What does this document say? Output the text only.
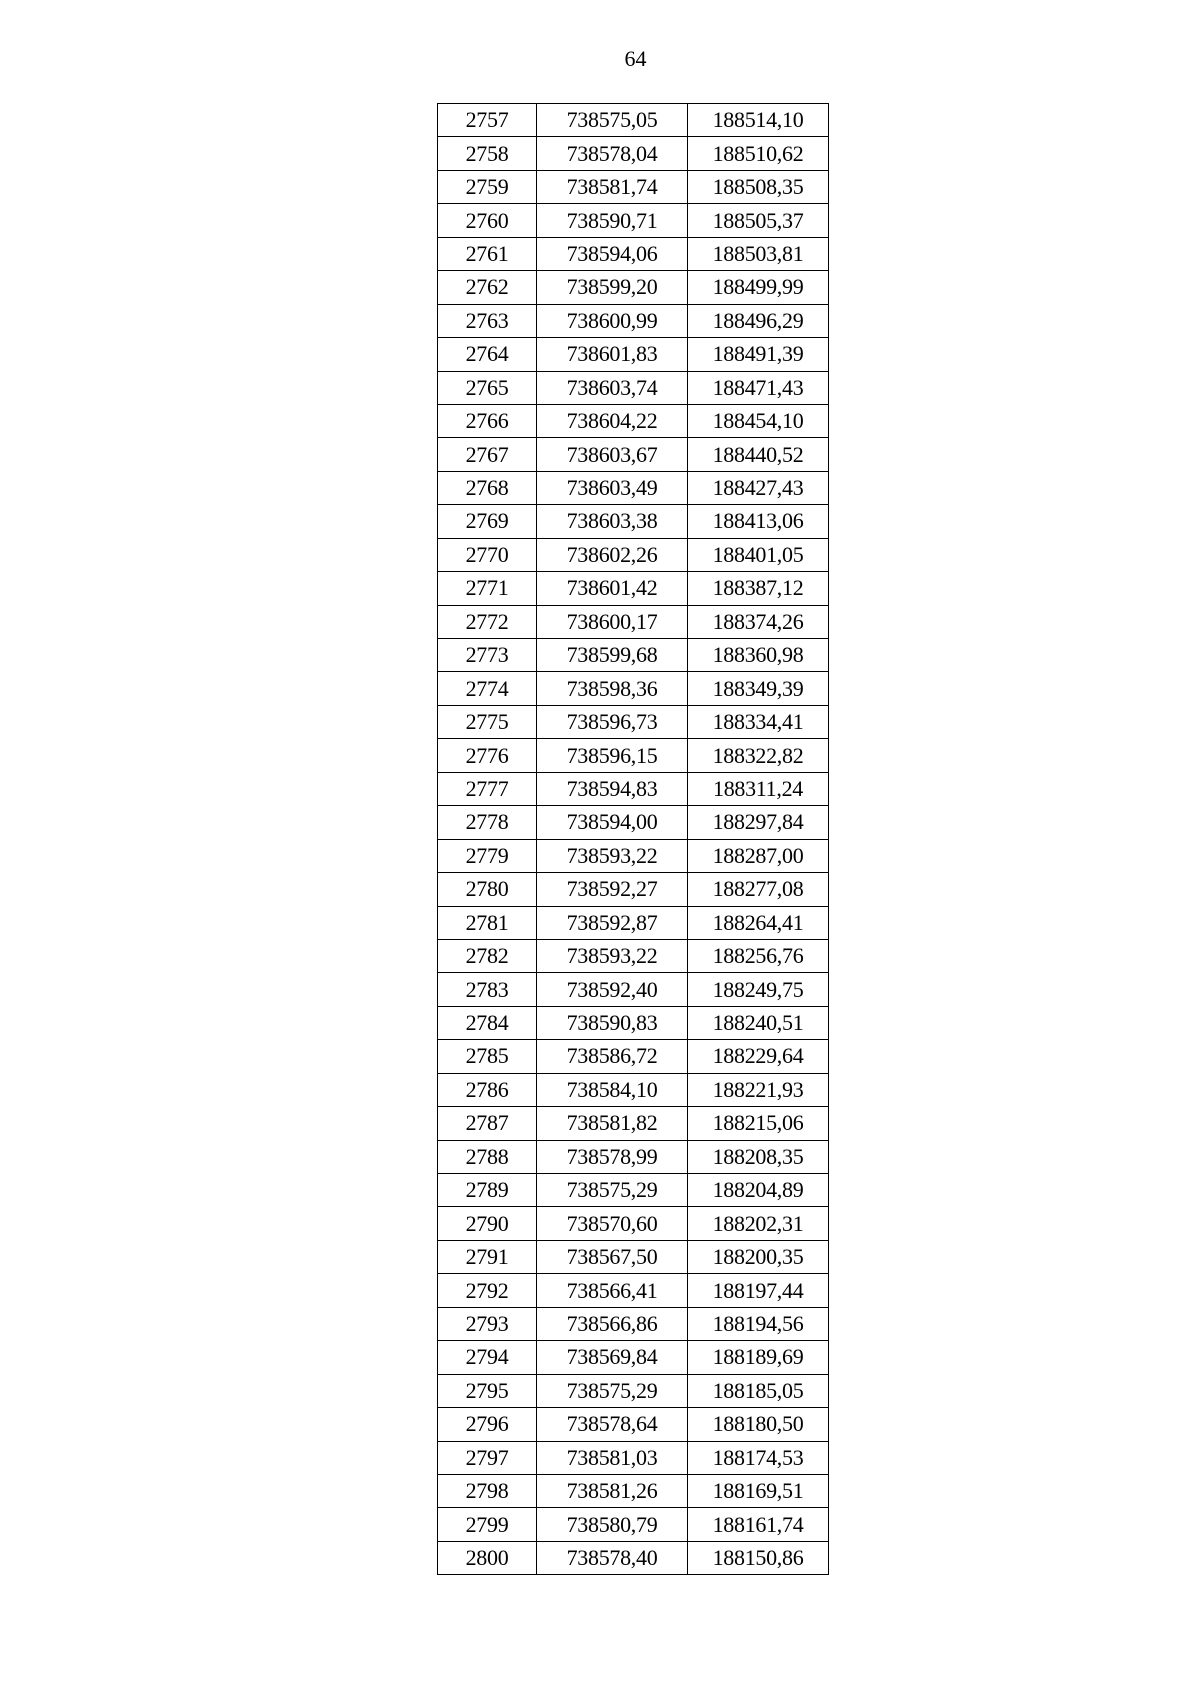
64
2757	738575,05	188514,10
2758	738578,04	188510,62
2759	738581,74	188508,35
2760	738590,71	188505,37
2761	738594,06	188503,81
2762	738599,20	188499,99
2763	738600,99	188496,29
2764	738601,83	188491,39
2765	738603,74	188471,43
2766	738604,22	188454,10
2767	738603,67	188440,52
2768	738603,49	188427,43
2769	738603,38	188413,06
2770	738602,26	188401,05
2771	738601,42	188387,12
2772	738600,17	188374,26
2773	738599,68	188360,98
2774	738598,36	188349,39
2775	738596,73	188334,41
2776	738596,15	188322,82
2777	738594,83	188311,24
2778	738594,00	188297,84
2779	738593,22	188287,00
2780	738592,27	188277,08
2781	738592,87	188264,41
2782	738593,22	188256,76
2783	738592,40	188249,75
2784	738590,83	188240,51
2785	738586,72	188229,64
2786	738584,10	188221,93
2787	738581,82	188215,06
2788	738578,99	188208,35
2789	738575,29	188204,89
2790	738570,60	188202,31
2791	738567,50	188200,35
2792	738566,41	188197,44
2793	738566,86	188194,56
2794	738569,84	188189,69
2795	738575,29	188185,05
2796	738578,64	188180,50
2797	738581,03	188174,53
2798	738581,26	188169,51
2799	738580,79	188161,74
2800	738578,40	188150,86
